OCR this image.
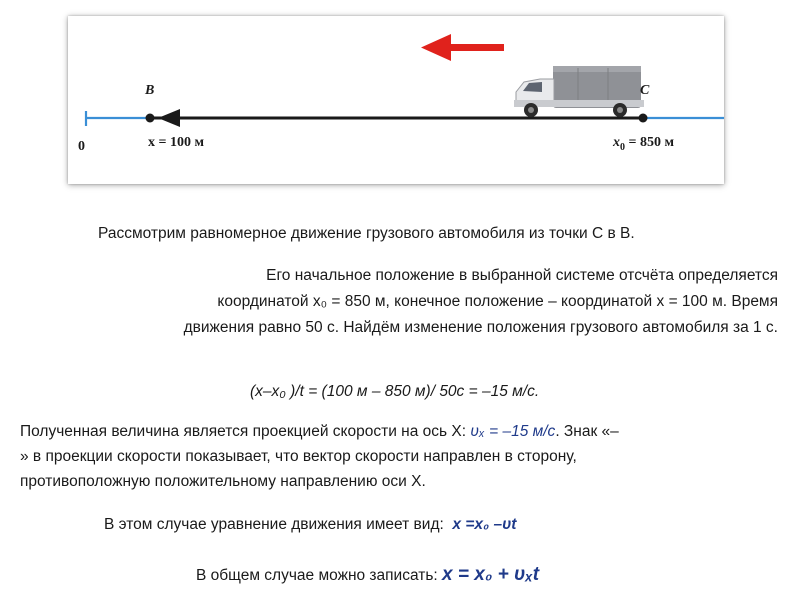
0
B	C
x = 100 м	$x_0 = 850$ м
Рассмотрим равномерное движение грузового автомобиля из точки С в В.
Его начальное положение в выбранной системе отсчёта определяется
координатой x₀ = 850 м, конечное положение – координатой x = 100 м. Время
движения равно 50 с. Найдём изменение положения грузового автомобиля за 1 с.
(x–x₀ )/t = (100 м – 850 м)/ 50с = –15 м/с.
Полученная величина является проекцией скорости на ось Х: υₓ = –15 м/с. Знак «–
» в проекции скорости показывает, что вектор скорости направлен в сторону,
противоположную положительному направлению оси Х.
В этом случае уравнение движения имеет вид: x =x₀ –υt
В общем случае можно записать: x = x₀ + υₓt
